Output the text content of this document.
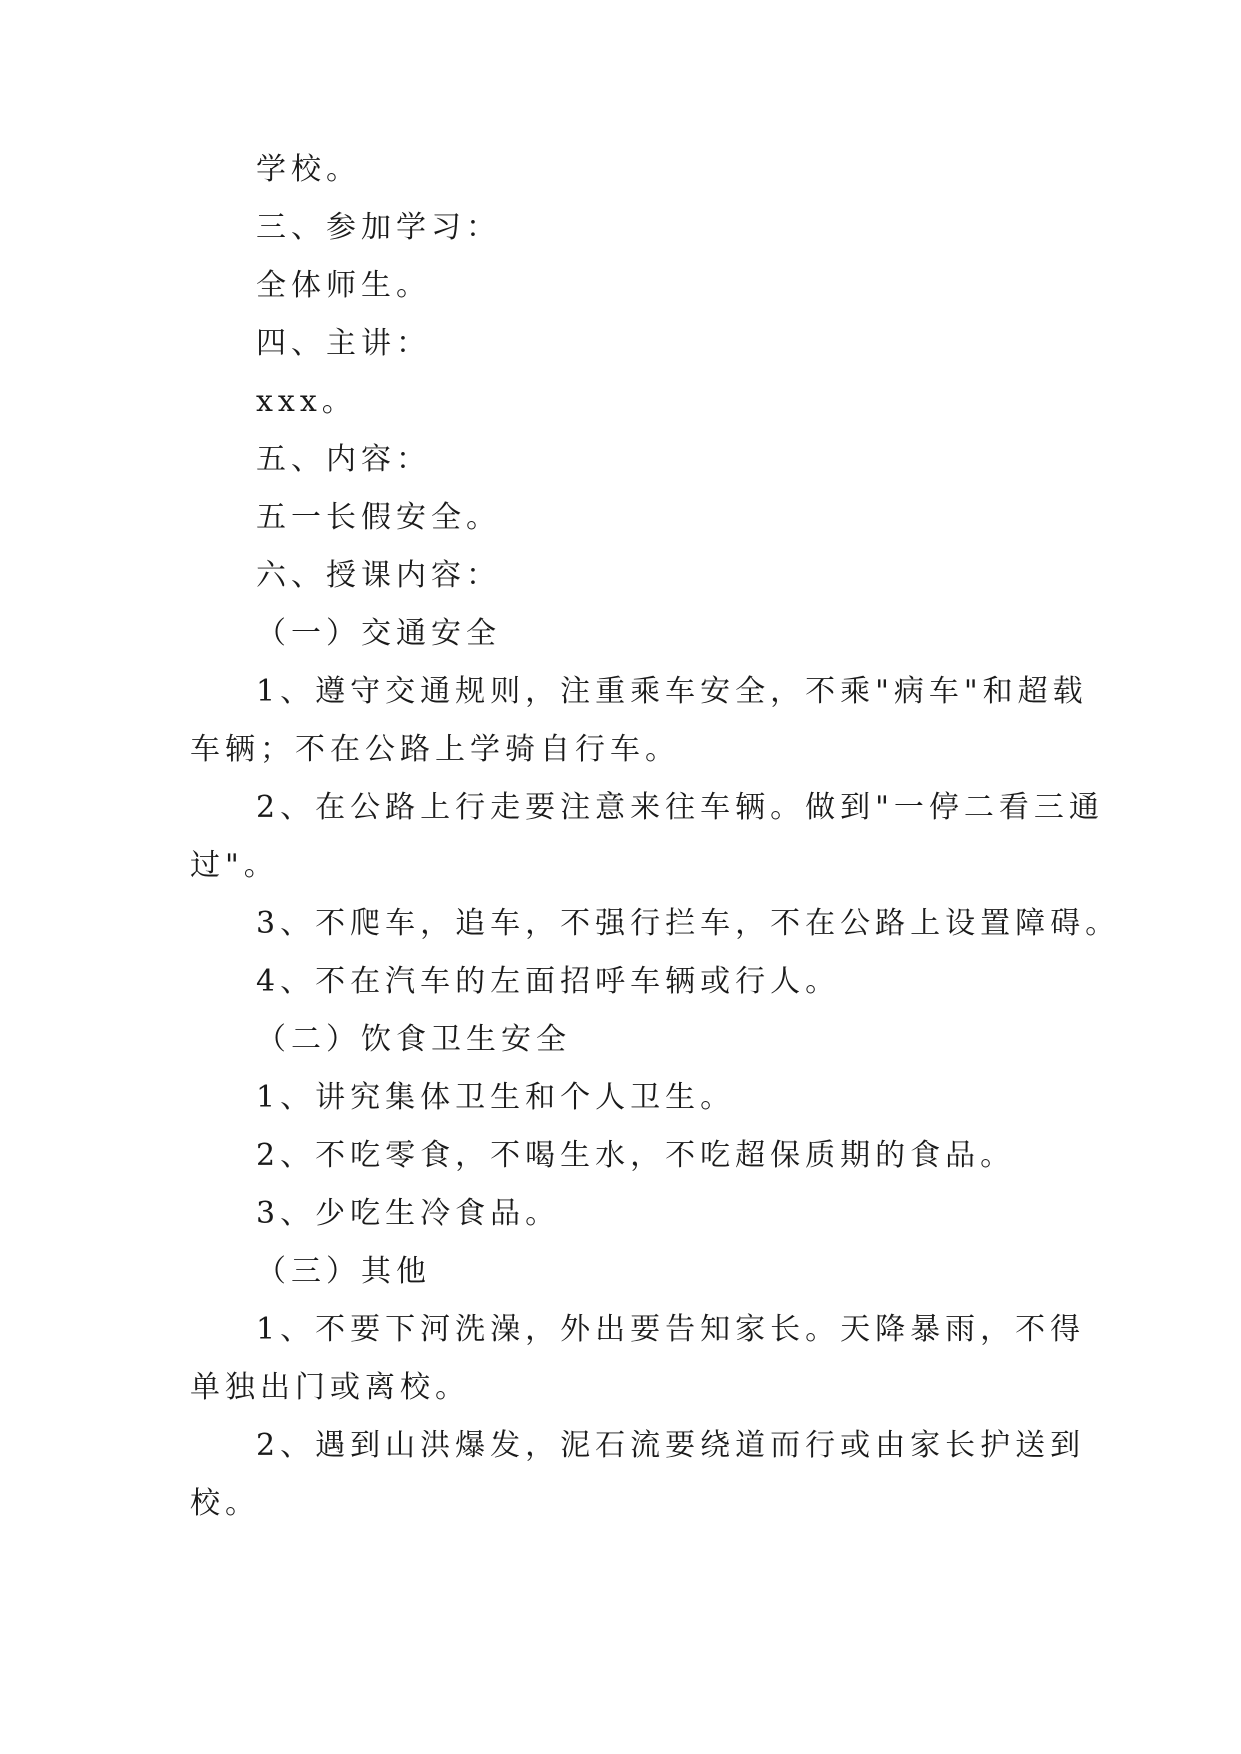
学校。
三、参加学习：
全体师生。
四、主讲：
xxx。
五、内容：
五一长假安全。
六、授课内容：
（一）交通安全
1、遵守交通规则，注重乘车安全，不乘"病车"和超载
车辆；不在公路上学骑自行车。
2、在公路上行走要注意来往车辆。做到"一停二看三通
过"。
3、不爬车，追车，不强行拦车，不在公路上设置障碍。
4、不在汽车的左面招呼车辆或行人。
（二）饮食卫生安全
1、讲究集体卫生和个人卫生。
2、不吃零食，不喝生水，不吃超保质期的食品。
3、少吃生冷食品。
（三）其他
1、不要下河洗澡，外出要告知家长。天降暴雨，不得
单独出门或离校。
2、遇到山洪爆发，泥石流要绕道而行或由家长护送到
校。
